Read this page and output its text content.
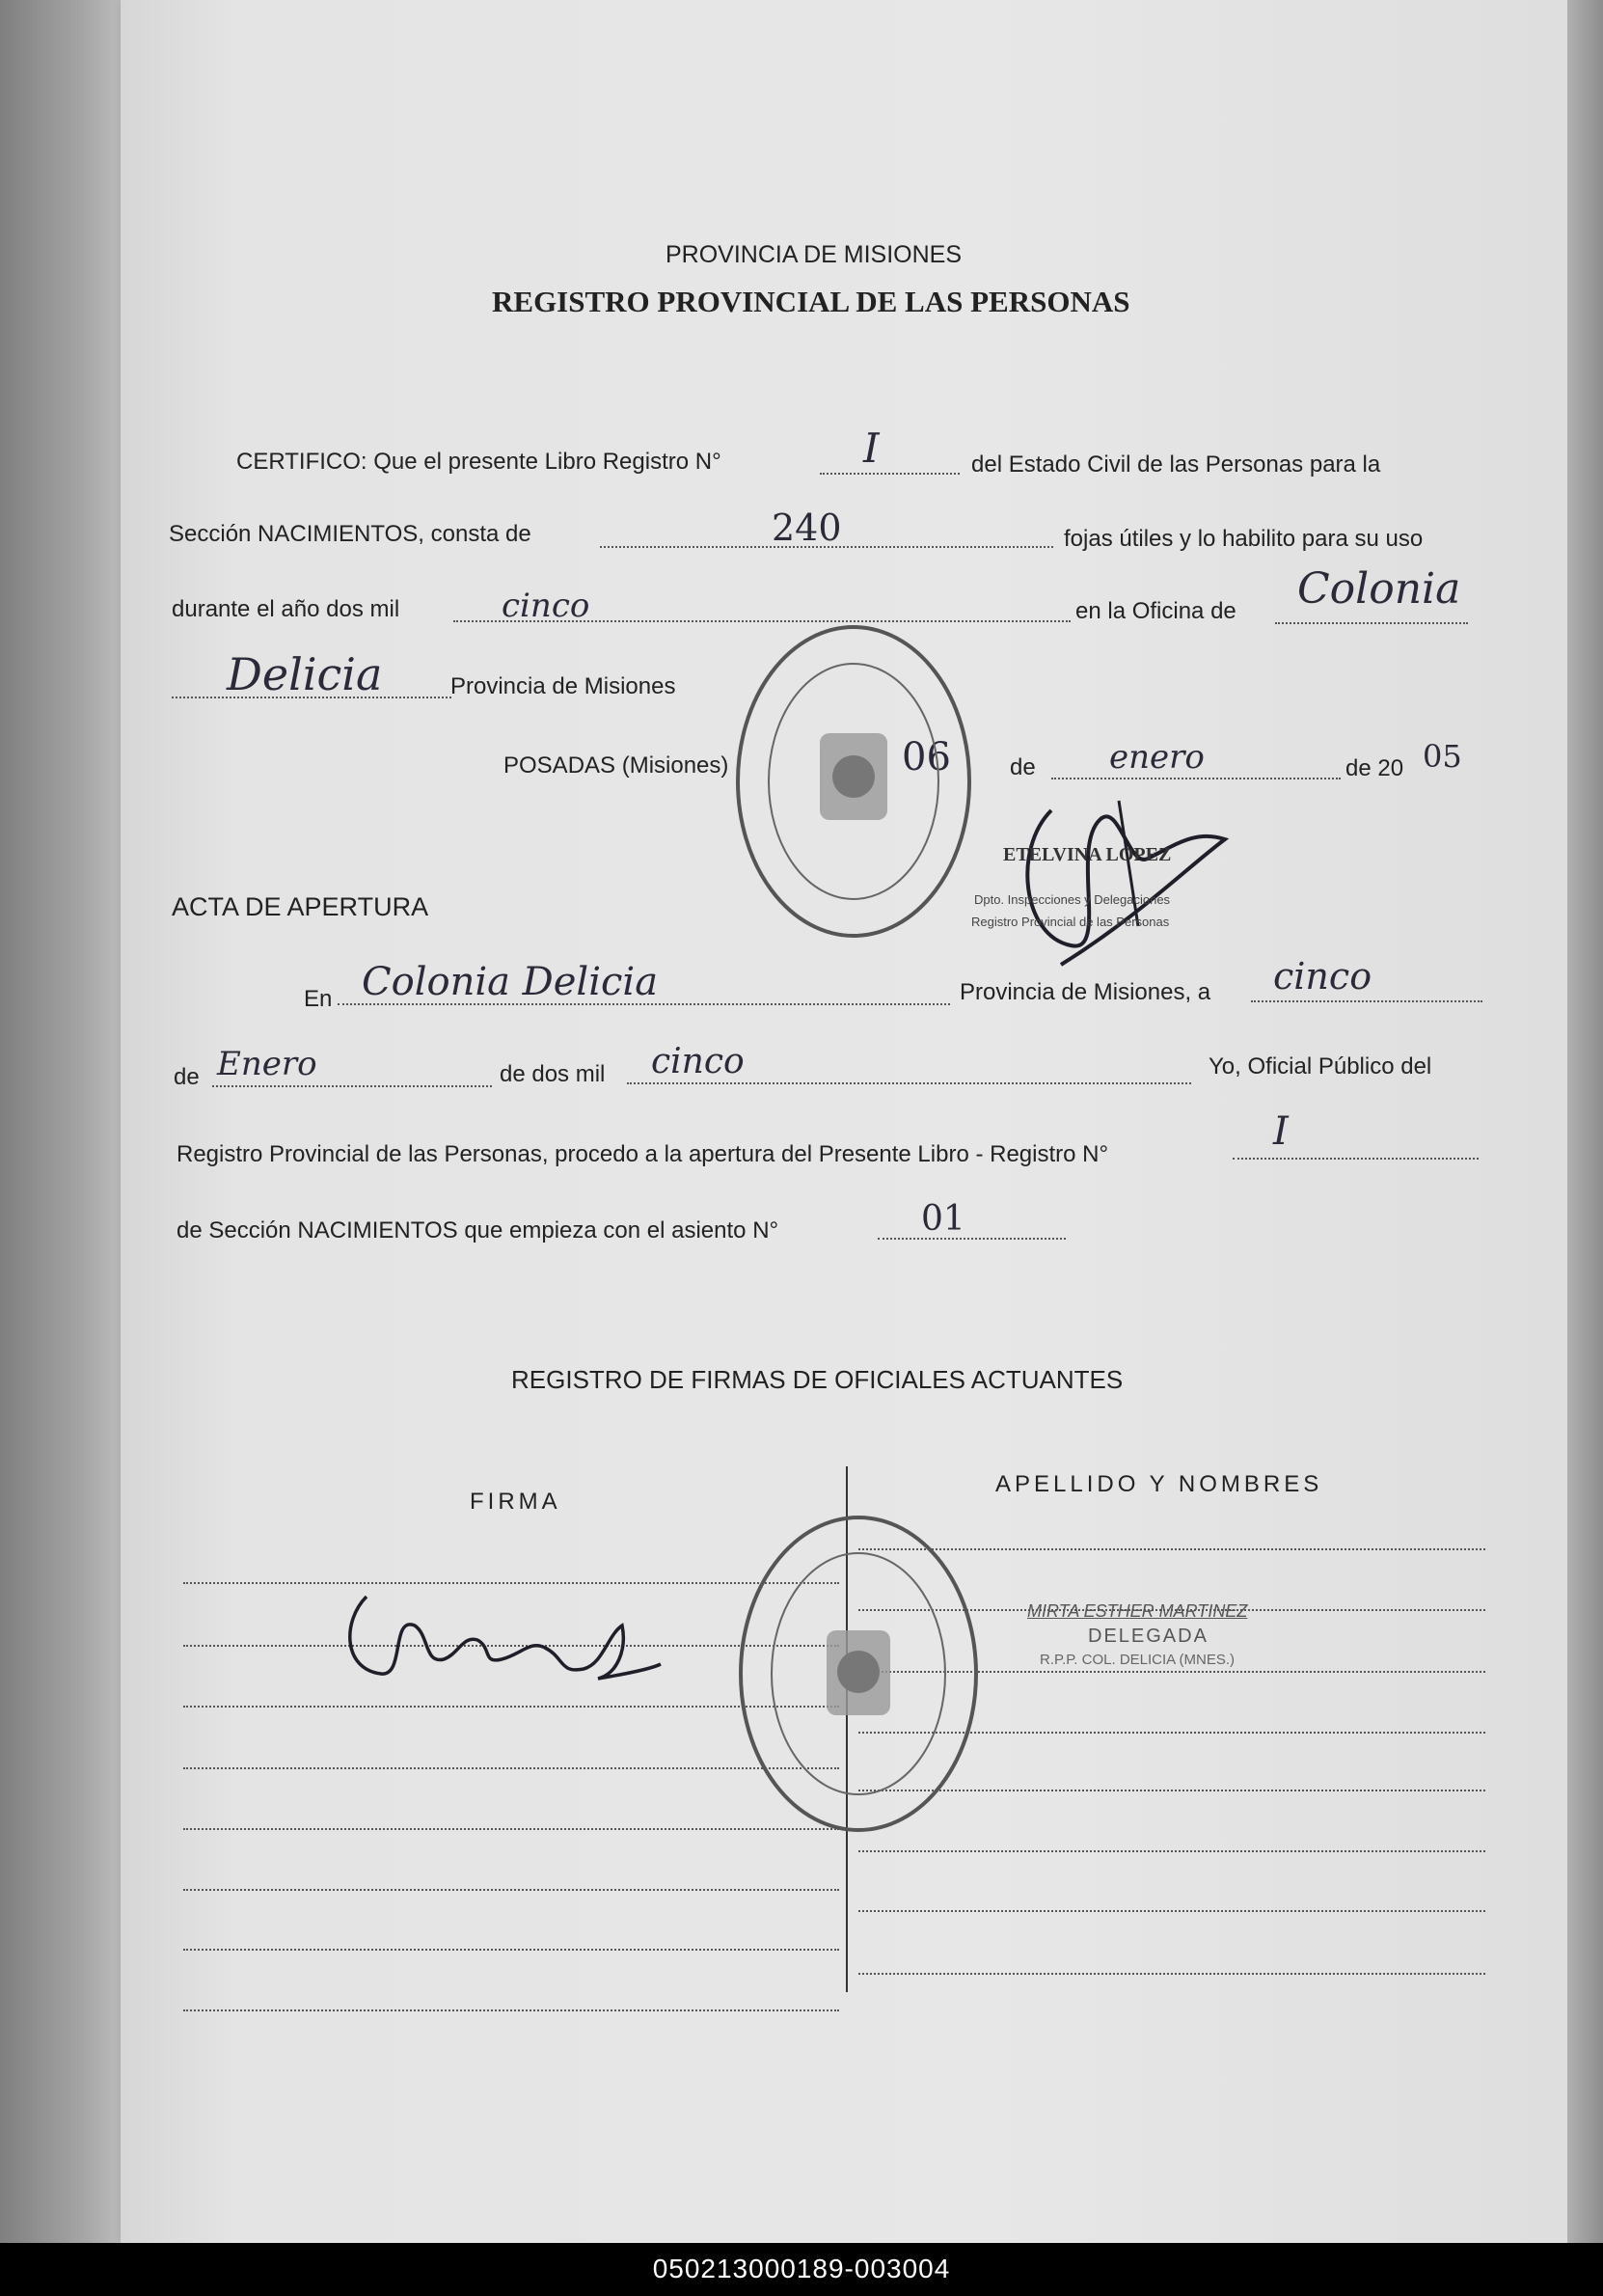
PROVINCIA DE MISIONES
REGISTRO PROVINCIAL DE LAS PERSONAS
CERTIFICO: Que el presente Libro Registro N°	I	del Estado Civil de las Personas para la
Sección NACIMIENTOS, consta de	240	fojas útiles y lo habilito para su uso
durante el año dos mil	cinco	en la Oficina de Colonia
Delicia	Provincia de Misiones
POSADAS (Misiones)	06	de enero	de 20 05
ETELVINA LOPEZ
Dpto. Inspecciones y Delegaciones
Registro Provincial de las Personas
ACTA DE APERTURA
En Colonia Delicia	Provincia de Misiones, a cinco
de Enero	de dos mil cinco	Yo, Oficial Público del
Registro Provincial de las Personas, procedo a la apertura del Presente Libro - Registro N°
I
de Sección NACIMIENTOS que empieza con el asiento N°	01
REGISTRO DE FIRMAS DE OFICIALES ACTUANTES
FIRMA
APELLIDO Y NOMBRES
MIRTA ESTHER MARTINEZ
DELEGADA
R.P.P. COL. DELICIA (MNES.)
050213000189-003004
